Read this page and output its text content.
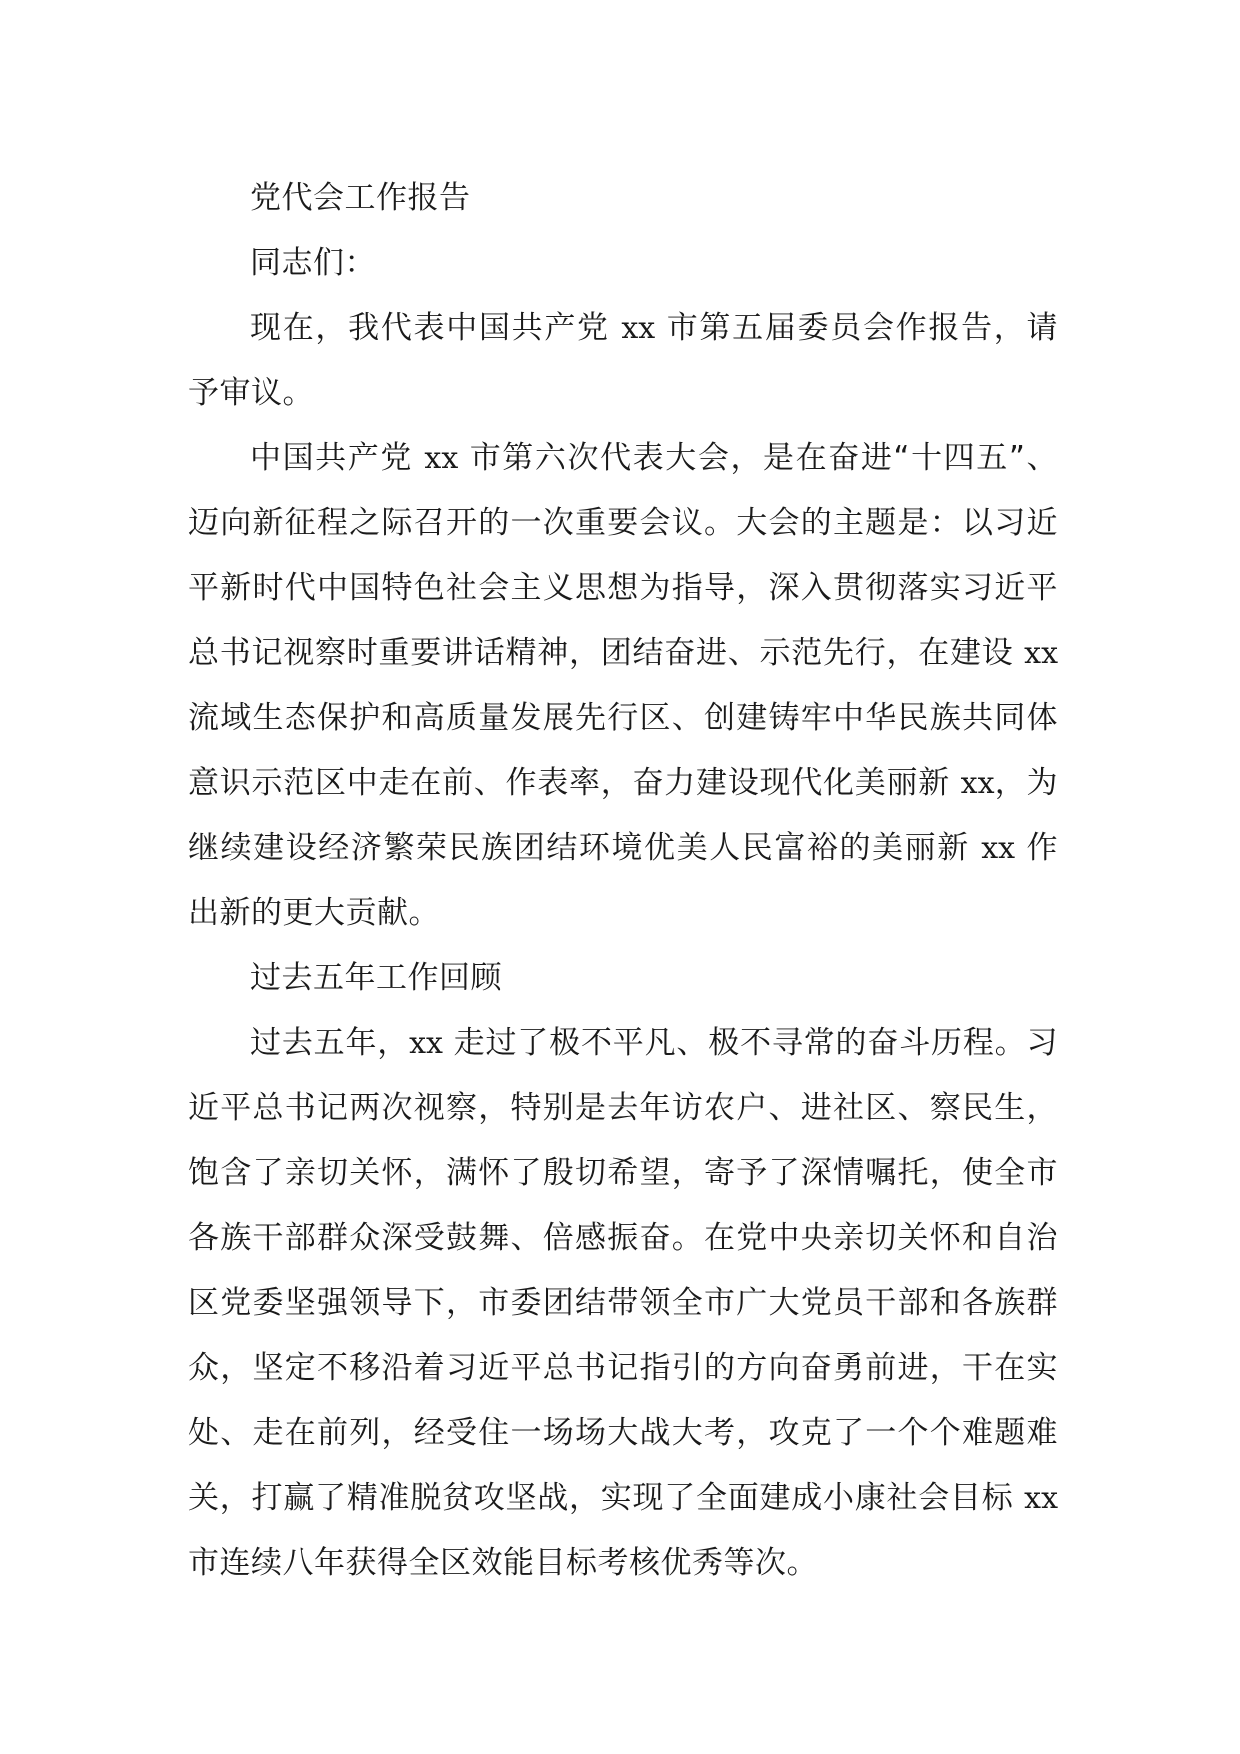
党代会工作报告

同志们：

现在，我代表中国共产党 xx 市第五届委员会作报告，请予审议。

中国共产党 xx 市第六次代表大会，是在奋进“十四五”、迈向新征程之际召开的一次重要会议。大会的主题是：以习近平新时代中国特色社会主义思想为指导，深入贯彻落实习近平总书记视察时重要讲话精神，团结奋进、示范先行，在建设 xx 流域生态保护和高质量发展先行区、创建铸牢中华民族共同体意识示范区中走在前、作表率，奋力建设现代化美丽新 xx，为继续建设经济繁荣民族团结环境优美人民富裕的美丽新 xx 作出新的更大贡献。

过去五年工作回顾

过去五年，xx 走过了极不平凡、极不寻常的奋斗历程。习近平总书记两次视察，特别是去年访农户、进社区、察民生，饱含了亲切关怀，满怀了殷切希望，寄予了深情嘱托，使全市各族干部群众深受鼓舞、倍感振奋。在党中央亲切关怀和自治区党委坚强领导下，市委团结带领全市广大党员干部和各族群众，坚定不移沿着习近平总书记指引的方向奋勇前进，干在实处、走在前列，经受住一场场大战大考，攻克了一个个难题难关，打赢了精准脱贫攻坚战，实现了全面建成小康社会目标 xx 市连续八年获得全区效能目标考核优秀等次。
